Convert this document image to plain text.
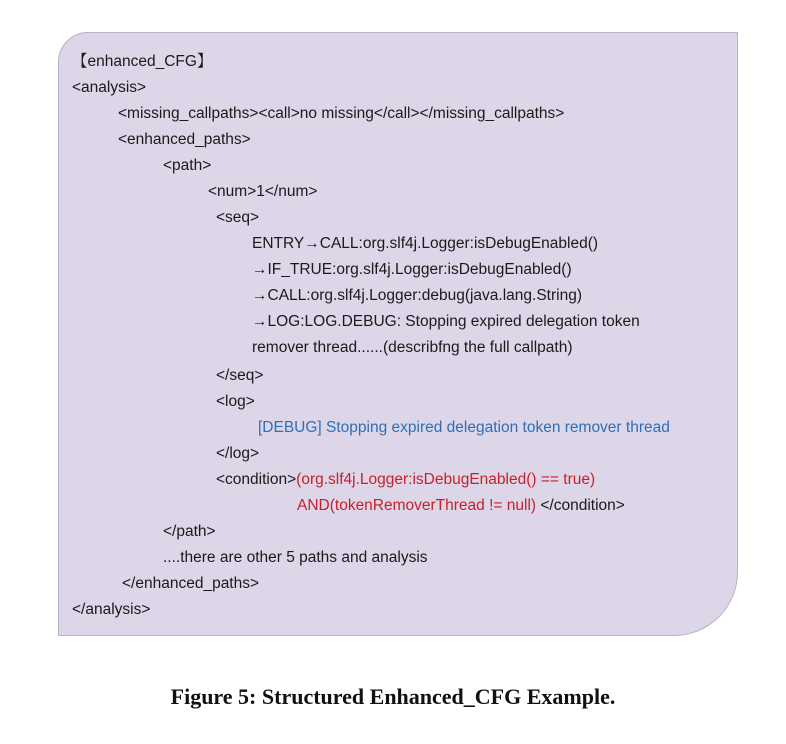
【enhanced_CFG】
<analysis>
<missing_callpaths><call>no missing</call></missing_callpaths>
<enhanced_paths>
<path>
<num>1</num>
<seq>
ENTRY→CALL:org.slf4j.Logger:isDebugEnabled()
→IF_TRUE:org.slf4j.Logger:isDebugEnabled()
→CALL:org.slf4j.Logger:debug(java.lang.String)
→LOG:LOG.DEBUG: Stopping expired delegation token
remover thread......(describfng the full callpath)
</seq>
<log>
[DEBUG] Stopping expired delegation token remover thread
</log>
<condition>(org.slf4j.Logger:isDebugEnabled() == true)
AND(tokenRemoverThread != null) </condition>
</path>
....there are other 5 paths and analysis
</enhanced_paths>
</analysis>
Figure 5: Structured Enhanced_CFG Example.
